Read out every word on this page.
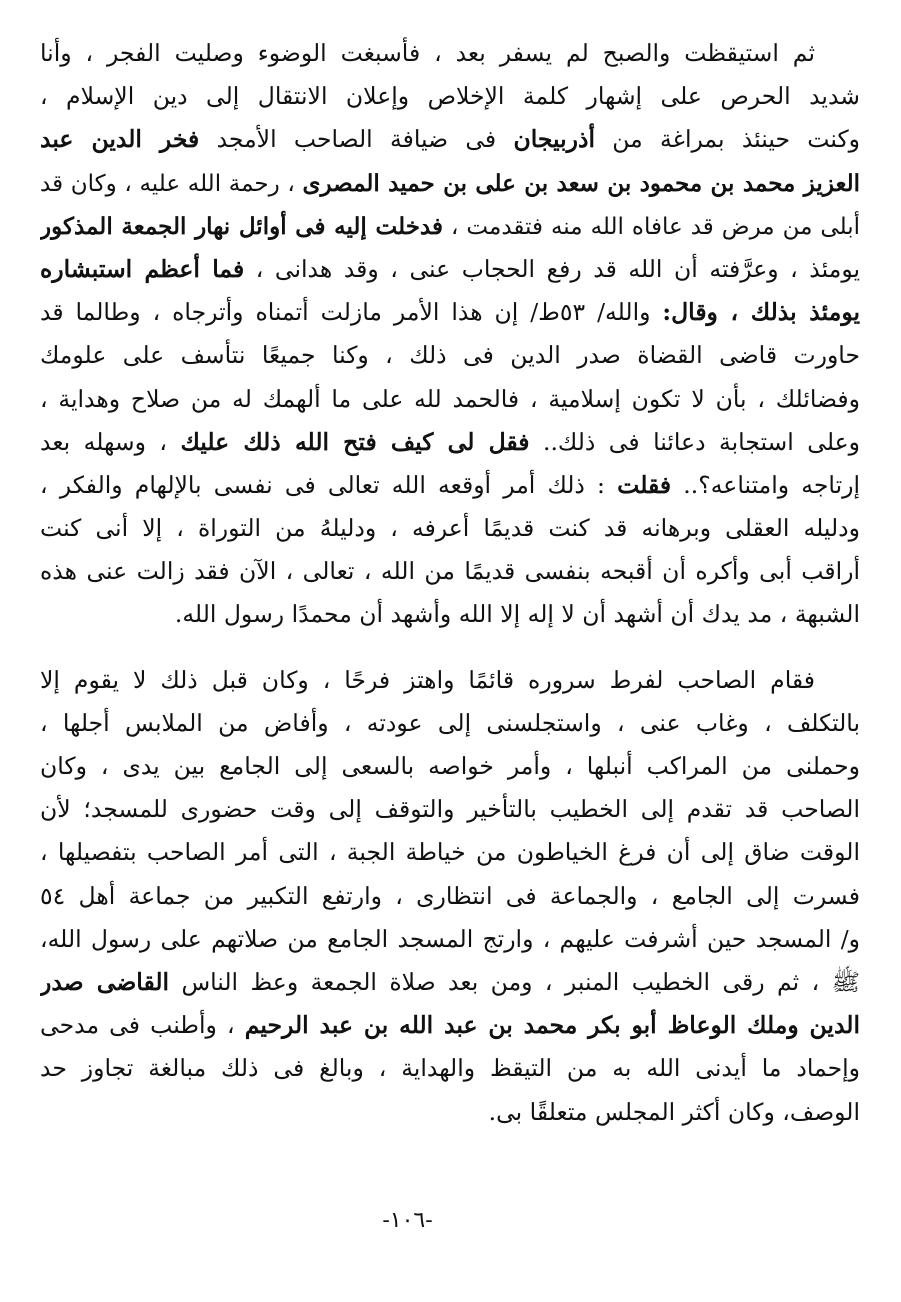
ثم استيقظت والصبح لم يسفر بعد ، فأسبغت الوضوء وصليت الفجر ، وأنا
شديد الحرص على إشهار كلمة الإخلاص وإعلان الانتقال إلى دين الإسلام ،
وكنت حينئذ بمراغة من أذربيجان فى ضيافة الصاحب الأمجد فخر الدين عبد
العزيز محمد بن محمود بن سعد بن على بن حميد المصرى ، رحمة الله عليه ، وكان قد
أبلى من مرض قد عافاه الله منه فتقدمت ، فدخلت إليه فى أوائل نهار الجمعة المذكور
يومئذ ، وعرَّفته أن الله قد رفع الحجاب عنى ، وقد هدانى ، فما أعظم استبشاره
يومئذ بذلك ، وقال: والله/ ٥٣ط/ إن هذا الأمر مازلت أتمناه وأترجاه ، وطالما قد
حاورت قاضى القضاة صدر الدين فى ذلك ، وكنا جميعًا نتأسف على علومك
وفضائلك ، بأن لا تكون إسلامية ، فالحمد لله على ما ألهمك له من صلاح وهداية ،
وعلى استجابة دعائنا فى ذلك.. فقل لى كيف فتح الله ذلك عليك ، وسهله بعد
إرتاجه وامتناعه؟.. فقلت : ذلك أمر أوقعه الله تعالى فى نفسى بالإلهام والفكر ،
ودليله العقلى وبرهانه قد كنت قديمًا أعرفه ، ودليلهُ من التوراة ، إلا أنى كنت
أراقب أبى وأكره أن أقبحه بنفسى قديمًا من الله ، تعالى ، الآن فقد زالت عنى هذه
الشبهة ، مد يدك أن أشهد أن لا إله إلا الله وأشهد أن محمدًا رسول الله.
فقام الصاحب لفرط سروره قائمًا واهتز فرحًا ، وكان قبل ذلك لا يقوم إلا
بالتكلف ، وغاب عنى ، واستجلسنى إلى عودته ، وأفاض من الملابس أجلها ،
وحملنى من المراكب أنبلها ، وأمر خواصه بالسعى إلى الجامع بين يدى ، وكان
الصاحب قد تقدم إلى الخطيب بالتأخير والتوقف إلى وقت حضورى للمسجد؛ لأن
الوقت ضاق إلى أن فرغ الخياطون من خياطة الجبة ، التى أمر الصاحب بتفصيلها ،
فسرت إلى الجامع ، والجماعة فى انتظارى ، وارتفع التكبير من جماعة أهل ٥٤
و/ المسجد حين أشرفت عليهم ، وارتج المسجد الجامع من صلاتهم على رسول الله،
ﷺ ، ثم رقى الخطيب المنبر ، ومن بعد صلاة الجمعة وعظ الناس القاضى صدر
الدين وملك الوعاظ أبو بكر محمد بن عبد الله بن عبد الرحيم ، وأطنب فى مدحى
وإحماد ما أيدنى الله به من التيقظ والهداية ، وبالغ فى ذلك مبالغة تجاوز حد
الوصف، وكان أكثر المجلس متعلقًا بى.
-١٠٦-
